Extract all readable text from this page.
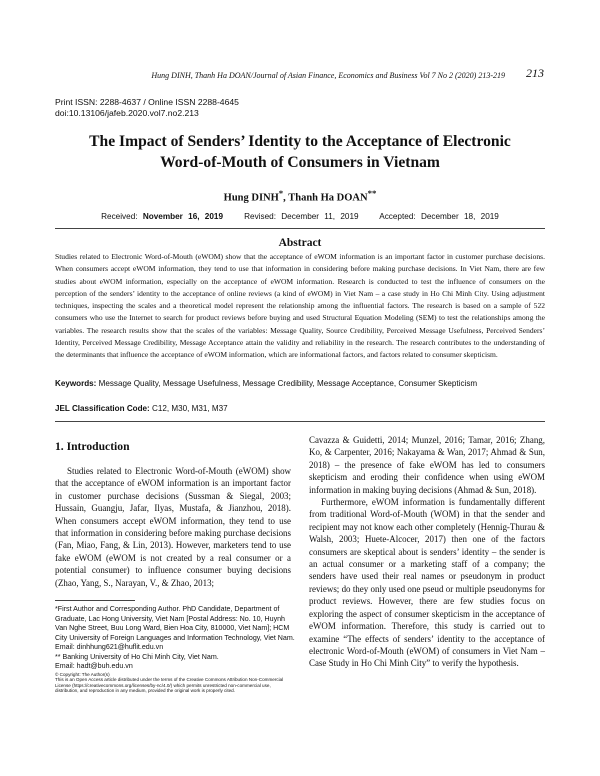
Hung DINH, Thanh Ha DOAN/Journal of Asian Finance, Economics and Business Vol 7 No 2 (2020) 213-219 213
Print ISSN: 2288-4637 / Online ISSN 2288-4645
doi:10.13106/jafeb.2020.vol7.no2.213
The Impact of Senders’ Identity to the Acceptance of Electronic
Word-of-Mouth of Consumers in Vietnam
Hung DINH*, Thanh Ha DOAN**
Received: November 16, 2019	Revised: December 11, 2019	Accepted: December 18, 2019
Abstract
Studies related to Electronic Word-of-Mouth (eWOM) show that the acceptance of eWOM information is an important factor in customer purchase decisions. When consumers accept eWOM information, they tend to use that information in considering before making purchase decisions. In Viet Nam, there are few studies about eWOM information, especially on the acceptance of eWOM information. Research is conducted to test the influence of consumers on the perception of the senders’ identity to the acceptance of online reviews (a kind of eWOM) in Viet Nam – a case study in Ho Chi Minh City. Using adjustment techniques, inspecting the scales and a theoretical model represent the relationship among the influential factors. The research is based on a sample of 522 consumers who use the Internet to search for product reviews before buying and used Structural Equation Modeling (SEM) to test the relationships among the variables. The research results show that the scales of the variables: Message Quality, Source Credibility, Perceived Message Usefulness, Perceived Senders’ Identity, Perceived Message Credibility, Message Acceptance attain the validity and reliability in the research. The research contributes to the understanding of the determinants that influence the acceptance of eWOM information, which are informational factors, and factors related to consumer skepticism.
Keywords: Message Quality, Message Usefulness, Message Credibility, Message Acceptance, Consumer Skepticism
JEL Classification Code: C12, M30, M31, M37
1. Introduction

Studies related to Electronic Word-of-Mouth (eWOM) show that the acceptance of eWOM information is an important factor in customer purchase decisions (Sussman & Siegal, 2003; Hussain, Guangju, Jafar, Ilyas, Mustafa, & Jianzhou, 2018). When consumers accept eWOM information, they tend to use that information in considering before making purchase decisions (Fan, Miao, Fang, & Lin, 2013). However, marketers tend to use fake eWOM (eWOM is not created by a real consumer or a potential consumer) to influence consumer buying decisions (Zhao, Yang, S., Narayan, V., & Zhao, 2013;

Cavazza & Guidetti, 2014; Munzel, 2016; Tamar, 2016; Zhang, Ko, & Carpenter, 2016; Nakayama & Wan, 2017; Ahmad & Sun, 2018) – the presence of fake eWOM has led to consumers skepticism and eroding their confidence when using eWOM information in making buying decisions (Ahmad & Sun, 2018).

Furthermore, eWOM information is fundamentally different from traditional Word-of-Mouth (WOM) in that the sender and recipient may not know each other completely (Hennig-Thurau & Walsh, 2003; Huete-Alcocer, 2017) then one of the factors consumers are skeptical about is senders’ identity – the sender is an actual consumer or a marketing staff of a company; the senders have used their real names or pseudonym in product reviews; do they only used one pseud or multiple pseudonyms for product reviews. However, there are few studies focus on exploring the aspect of consumer skepticism in the acceptance of eWOM information. Therefore, this study is carried out to examine “The effects of senders’ identity to the acceptance of electronic Word-of-Mouth (eWOM) of consumers in Viet Nam – Case Study in Ho Chi Minh City” to verify the hypothesis.

*First Author and Corresponding Author. PhD Candidate, Department of Graduate, Lac Hong University, Viet Nam [Postal Address: No. 10, Huynh Van Nghe Street, Buu Long Ward, Bien Hoa City, 810000, Viet Nam]; HCM City University of Foreign Languages and Information Technology, Viet Nam.
Email: dinhhung621@huflit.edu.vn
** Banking University of Ho Chi Minh City, Viet Nam.
Email: hadt@buh.edu.vn
© Copyright: The Author(s)
This is an Open Access article distributed under the terms of the Creative Commons Attribution Non-Commercial License (https://creativecommons.org/licenses/by-nc/4.0/) which permits unrestricted non-commercial use, distribution, and reproduction in any medium, provided the original work is properly cited.
